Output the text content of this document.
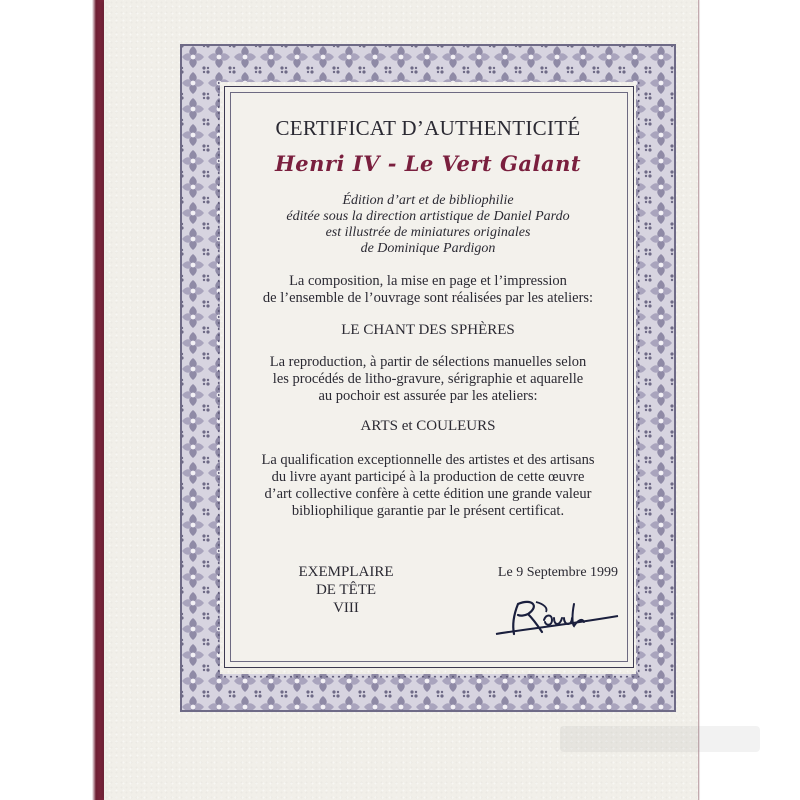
CERTIFICAT D’AUTHENTICITÉ
Henri IV - Le Vert Galant
Édition d’art et de bibliophilie
éditée sous la direction artistique de Daniel Pardo
est illustrée de miniatures originales
de Dominique Pardigon
La composition, la mise en page et l’impression
de l’ensemble de l’ouvrage sont réalisées par les ateliers:
LE CHANT DES SPHÈRES
La reproduction, à partir de sélections manuelles selon
les procédés de litho-gravure, sérigraphie et aquarelle
au pochoir est assurée par les ateliers:
ARTS et COULEURS
La qualification exceptionnelle des artistes et des artisans
du livre ayant participé à la production de cette œuvre
d’art collective confère à cette édition une grande valeur
bibliophilique garantie par le présent certificat.
EXEMPLAIRE
DE TÊTE
VIII
Le 9 Septembre 1999
